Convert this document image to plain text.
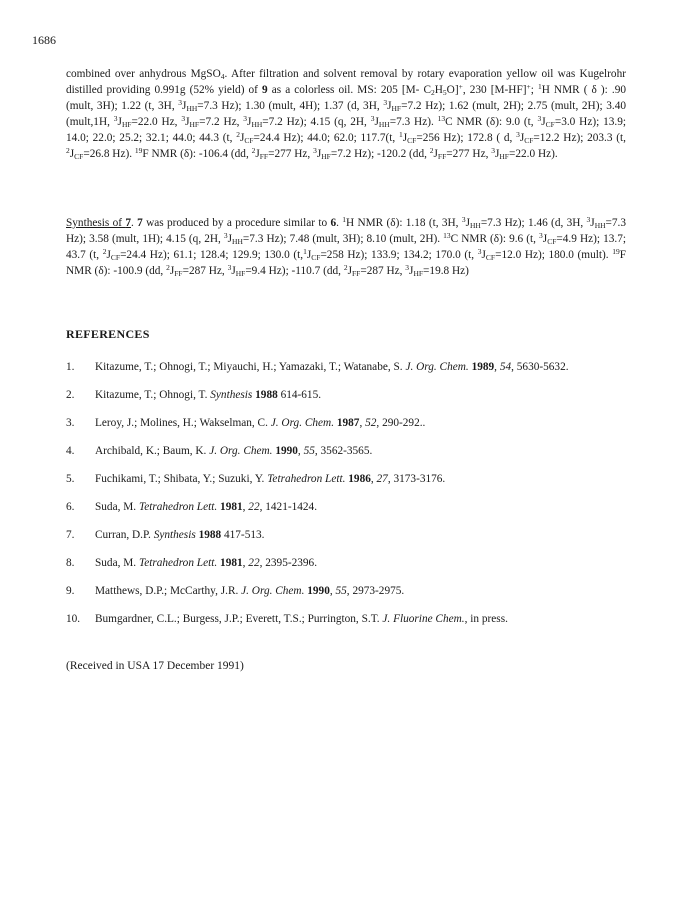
1686

combined over anhydrous MgSO$_4$. After filtration and solvent removal by rotary evaporation yellow oil was Kugelrohr distilled providing 0.991g (52% yield) of 9 as a colorless oil. MS: 205 [M- $C_2H_5O]^+$, 230 [M-HF]+; $^1$H NMR ( δ ): .90 (mult, 3H); 1.22 (t, 3H, $^3J_{HH}=7.3$ Hz); 1.30 (mult, 4H); 1.37 (d, 3H, $^3J_{HF}=7.2$ Hz); 1.62 (mult, 2H); 2.75 (mult, 2H); 3.40 (mult,1H, $^3J_{HF}=22.0$ Hz, $^3J_{HF}=7.2$ Hz, $^3J_{HH}=7.2$ Hz); 4.15 (q, 2H, $^3J_{HH}=7.3$ Hz). $^{13}$C NMR (δ): 9.0 (t, $^3J_{CF}=3.0$ Hz); 13.9; 14.0; 22.0; 25.2; 32.1; 44.0; 44.3 (t, $^2J_{CF}=24.4$ Hz); 44.0; 62.0; 117.7(t, $^1J_{CF}=256$ Hz); 172.8 ( d, $^3J_{CF}=12.2$ Hz); 203.3 (t, $^2J_{CF}=26.8$ Hz). $^{19}$F NMR (δ): -106.4 (dd, $^2J_{FF}=277$ Hz, $^3J_{HF}=7.2$ Hz); -120.2 (dd, $^2J_{FF}=277$ Hz, $^3J_{HF}=22.0$ Hz).

Synthesis of 7. 7 was produced by a procedure similar to 6. $^1$H NMR (δ): 1.18 (t, 3H, $^3J_{HH}=7.3$ Hz); 1.46 (d, 3H, $^3J_{HH}=7.3$ Hz); 3.58 (mult, 1H); 4.15 (q, 2H, $^3J_{HH}=7.3$ Hz); 7.48 (mult, 3H); 8.10 (mult, 2H). $^{13}$C NMR (δ): 9.6 (t, $^3J_{CF}=4.9$ Hz); 13.7; 43.7 (t, $^2J_{CF}=24.4$ Hz); 61.1; 128.4; 129.9; 130.0 ($t,^1J_{CF}=258$ Hz); 133.9; 134.2; 170.0 (t, $^3J_{CF}=12.0$ Hz); 180.0 (mult). $^{19}$F NMR (δ): -100.9 (dd, $^2J_{FF}=287$ Hz, $^3J_{HF}=9.4$ Hz); -110.7 (dd, $^2J_{FF}=287$ Hz, $^3J_{HF}=19.8$ Hz)

REFERENCES
1.	Kitazume, T.; Ohnogi, T.; Miyauchi, H.; Yamazaki, T.; Watanabe, S. J. Org. Chem. 1989, 54, 5630-5632.
2.	Kitazume, T.; Ohnogi, T. Synthesis 1988 614-615.
3.	Leroy, J.; Molines, H.; Wakselman, C. J. Org. Chem. 1987, 52, 290-292..
4.	Archibald, K.; Baum, K. J. Org. Chem. 1990, 55, 3562-3565.
5.	Fuchikami, T.; Shibata, Y.; Suzuki, Y. Tetrahedron Lett. 1986, 27, 3173-3176.
6.	Suda, M. Tetrahedron Lett. 1981, 22, 1421-1424.
7.	Curran, D.P. Synthesis 1988 417-513.
8.	Suda, M. Tetrahedron Lett. 1981, 22, 2395-2396.
9.	Matthews, D.P.; McCarthy, J.R. J. Org. Chem. 1990, 55, 2973-2975.
10.	Bumgardner, C.L.; Burgess, J.P.; Everett, T.S.; Purrington, S.T. J. Fluorine Chem., in press.

(Received in USA 17 December 1991)
